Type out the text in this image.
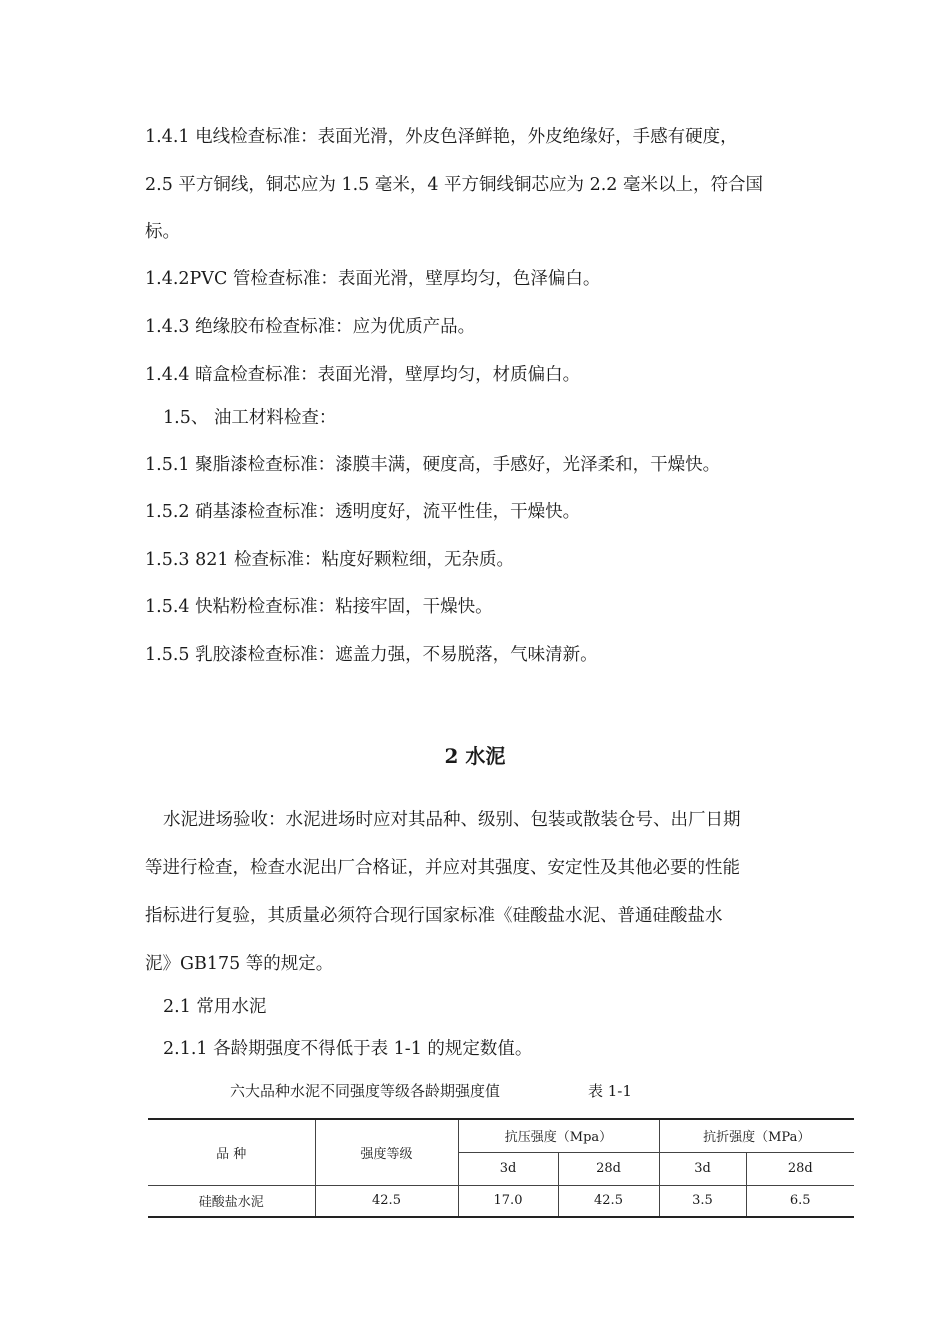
1.4.1 电线检查标准：表面光滑，外皮色泽鲜艳，外皮绝缘好，手感有硬度，
2.5 平方铜线，铜芯应为 1.5 毫米，4 平方铜线铜芯应为 2.2 毫米以上，符合国
标。
1.4.2PVC 管检查标准：表面光滑，壁厚均匀，色泽偏白。
1.4.3 绝缘胶布检查标准：应为优质产品。
1.4.4 暗盒检查标准：表面光滑，壁厚均匀，材质偏白。
1.5、 油工材料检查：
1.5.1 聚脂漆检查标准：漆膜丰满，硬度高，手感好，光泽柔和，干燥快。
1.5.2 硝基漆检查标准：透明度好，流平性佳，干燥快。
1.5.3 821 检查标准：粘度好颗粒细，无杂质。
1.5.4 快粘粉检查标准：粘接牢固，干燥快。
1.5.5 乳胶漆检查标准：遮盖力强，不易脱落，气味清新。
2 水泥
水泥进场验收：水泥进场时应对其品种、级别、包装或散装仓号、出厂日期
等进行检查，检查水泥出厂合格证，并应对其强度、安定性及其他必要的性能
指标进行复验，其质量必须符合现行国家标准《硅酸盐水泥、普通硅酸盐水
泥》GB175 等的规定。
2.1 常用水泥
2.1.1 各龄期强度不得低于表 1-1 的规定数值。
六大品种水泥不同强度等级各龄期强度值	表 1-1
品 种	强度等级	抗压强度（Mpa）		抗折强度（MPa）	
		3d	28d	3d	28d
硅酸盐水泥	42.5	17.0	42.5	3.5	6.5
